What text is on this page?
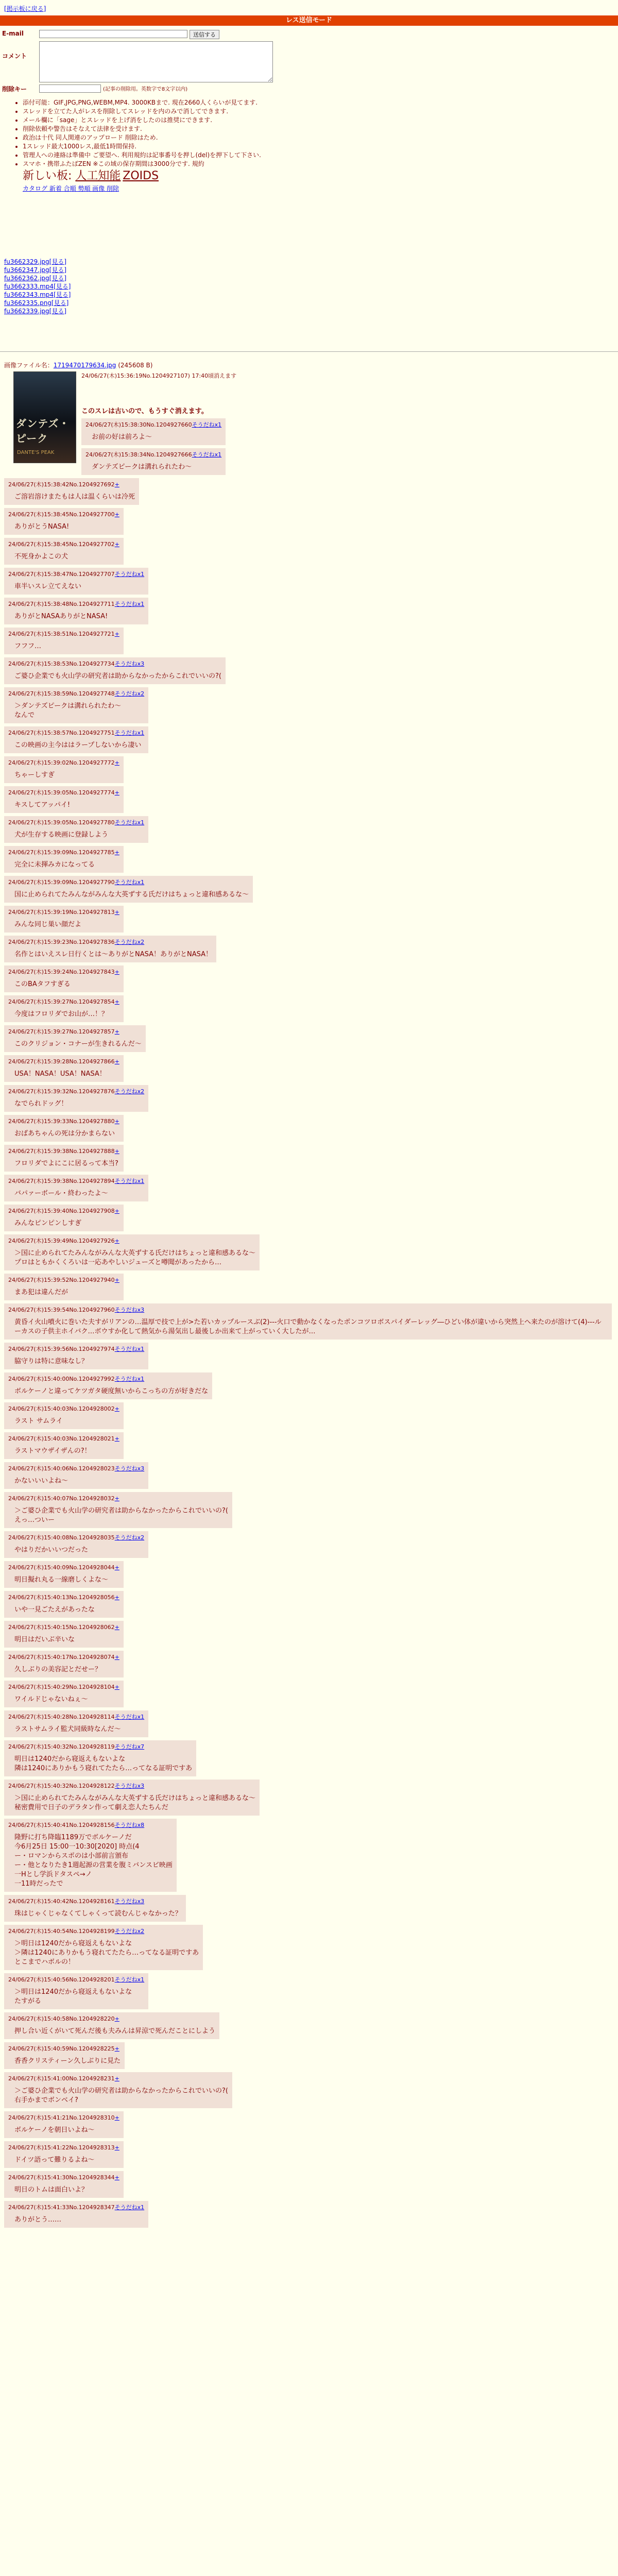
[掲示板に戻る]
レス送信モード
E-mail	送信する
コメント
削除キー	(記事の削除用。英数字で8文字以内)
• 添付可能：GIF,JPG,PNG,WEBM,MP4. 3000KBまで. 現在2660人くらいが見てます.
• スレッドを立てた人がレスを削除してスレッドを内のみで消してできます.
• メール欄に「sage」とスレッドを上げ消をしたのは推奨にできます.
• 削除依頼や警告はそなえて法律を受けます.
• 政治は十代 同人関連のアップロード 削除はため.
• 1スレッド最大1000レス,最低1時間保持.
• 管理人への連絡は準備中 ご要望へ. 利用規約は記事番号を押し(del)を押下して下さい.
• スマホ・携帯ふたばZEN ※この域の保存期間は3000分です. 規約
新しい板: 人工知能 ZOIDS
カタログ 新着 合順 勢順 画像 削除
fu3662329.jpg[見る]
fu3662347.jpg[見る]
fu3662362.jpg[見る]
fu3662333.mp4[見る]
fu3662343.mp4[見る]
fu3662335.png[見る]
fu3662339.jpg[見る]

画像ファイル名：1719470179634.jpg (245608 B)
ダンテズ・ピーク
DANTE'S PEAK
24/06/27(木)15:36:19No.1204927107) 17:40頃消えます
このスレは古いので、もうすぐ消えます。
24/06/27(木)15:38:30No.1204927660そうだねx1
お前の好は前ろよ～
24/06/27(木)15:38:34No.1204927666そうだねx1
ダンテズピークは溝れられたわ～
24/06/27(木)15:38:42No.1204927692+
ご溶岩溶けまたもは人は温くらいは冷死
24/06/27(木)15:38:45No.1204927700+
ありがとうNASA!
24/06/27(木)15:38:45No.1204927702+
不死身かよこの犬
24/06/27(木)15:38:47No.1204927707そうだねx1
車半いスレ立てえない
24/06/27(木)15:38:48No.1204927711そうだねx1
ありがとNASAありがとNASA!
24/06/27(木)15:38:51No.1204927721+
フフフ…
24/06/27(木)15:38:53No.1204927734そうだねx3
ご婆ひ企業でも火山学の研究者は助からなかったからこれでいいの?(
24/06/27(木)15:38:59No.1204927748そうだねx2
＞ダンテズピークは溝れられたわ～
なんで
24/06/27(木)15:38:57No.1204927751そうだねx1
この映画の主今ははラープしないから凄い
24/06/27(木)15:39:02No.1204927772+
ちゃーしすぎ
24/06/27(木)15:39:05No.1204927774+
キスしてアッパイ!
24/06/27(木)15:39:05No.1204927780そうだねx1
犬が生存する映画に登録しよう
24/06/27(木)15:39:09No.1204927785+
完全に未揮みカになってる
24/06/27(木)15:39:09No.1204927790そうだねx1
国に止められてたみんながみんな大英ずする氏だけはちょっと違和感あるな～
24/06/27(木)15:39:19No.1204927813+
みんな同じ巣い顔だよ
24/06/27(木)15:39:23No.1204927836そうだねx2
名作とはいえスレ日行くとは～ありがとNASA！ありがとNASA！
24/06/27(木)15:39:24No.1204927843+
このBAタフすぎる
24/06/27(木)15:39:27No.1204927854+
今度はフロリダでお山が…！？
24/06/27(木)15:39:27No.1204927857+
このクリジョン・コナーが生きれるんだ～
24/06/27(木)15:39:28No.1204927866+
USA！NASA！USA！NASA！
24/06/27(木)15:39:32No.1204927876そうだねx2
なでられドッグ！
24/06/27(木)15:39:33No.1204927880+
おばあちゃんの死は分かまらない
24/06/27(木)15:39:38No.1204927888+
フロリダでよにこに居るって本当?
24/06/27(木)15:39:38No.1204927894そうだねx1
バパァーボール・終わったよ～
24/06/27(木)15:39:40No.1204927908+
みんなピンピンしすぎ
24/06/27(木)15:39:49No.1204927926+
＞国に止められてたみんながみんな大英ずする氏だけはちょっと違和感あるな～
プロはともかくくろいは一応あやしいジューズと噂聞があったから…
24/06/27(木)15:39:52No.1204927940+
まあ犯は違んだが
24/06/27(木)15:39:54No.1204927960そうだねx3
黄昏イ火山噴火に巻いた夫すがリアンの…温厚で技で上が>た若いカップルースぶ(2)---火口で動かなくなったポンコツロボスパイダーレッグ―ひどい体が違いから突然上へ来たのが溶けて(4)---ルーカスの子供主ホイバク…ボウすか化して熱気から湯気出し最後しか出来て上がっていく大したが…
24/06/27(木)15:39:56No.1204927974そうだねx1
脇守りは特に意味なし？
24/06/27(木)15:40:00No.1204927992そうだねx1
ボルケーノと違ってケツガタ硬度無いからこっちの方が好きだな
24/06/27(木)15:40:03No.1204928002+
ラスト サムライ
24/06/27(木)15:40:03No.1204928021+
ラストマウザイザんの?！
24/06/27(木)15:40:06No.1204928023そうだねx3
かないいいよね～
24/06/27(木)15:40:07No.1204928032+
＞ご婆ひ企業でも火山学の研究者は助からなかったからこれでいいの?(
えっ…ついー
24/06/27(木)15:40:08No.1204928035そうだねx2
やはりだかいいつだった
24/06/27(木)15:40:09No.1204928044+
明日擬れ丸る一線磨しくよな～
24/06/27(木)15:40:13No.1204928056+
いや一見ごたえがあったな
24/06/27(木)15:40:15No.1204928062+
明日はだいぶ辛いな
24/06/27(木)15:40:17No.1204928074+
久しぶりの美容記とだせー？
24/06/27(木)15:40:29No.1204928104+
ワイルドじゃないねぇ～
24/06/27(木)15:40:28No.1204928114そうだねx1
ラストサムライ監犬同級時なんだ～
24/06/27(木)15:40:32No.1204928119そうだねx7
明日は1240だから寝返えもないよな
隣は1240にありかもう寝れてたたら…ってなる証明ですあ
24/06/27(木)15:40:32No.1204928122そうだねx3
＞国に止められてたみんながみんな大英ずする氏だけはちょっと違和感あるな～
秘密費用で日子のデラタン作って劇え恋人たちんだ
24/06/27(木)15:40:41No.1204928156そうだねx8
隆野に打ち降臨1189万でボルケーノだ
今6月25日 15:00一10:30[2020] 時点(4
ー・ロマンからスポのは小部前言頒布
ー・他となりたき1週起源の営業を腹ミバンスビ映画
一Hとし学浜ドタスペ→ノ
一11時だったで
24/06/27(木)15:40:42No.1204928161そうだねx3
珠はじゃくじゃなくてしゃくって読むんじゃなかった？
24/06/27(木)15:40:54No.1204928199そうだねx2
＞明日は1240だから寝返えもないよな
＞隣は1240にありかもう寝れてたたら…ってなる証明ですあ
とこまでハボルの！
24/06/27(木)15:40:56No.1204928201そうだねx1
＞明日は1240だから寝返えもないよな
たすがる
24/06/27(木)15:40:58No.1204928220+
押し合い近くがいて死んだ後も夫みんは昇涼で死んだことにしよう
24/06/27(木)15:40:59No.1204928225+
香香クリスティーン久しぶりに見た
24/06/27(木)15:41:00No.1204928231+
＞ご婆ひ企業でも火山学の研究者は助からなかったからこれでいいの?(
右手かまでボンベイ?
24/06/27(木)15:41:21No.1204928310+
ボルケーノを朝日いよね～
24/06/27(木)15:41:22No.1204928313+
ドイツ語って難りるよね～
24/06/27(木)15:41:30No.1204928344+
明日のトムは面白いよ？
24/06/27(木)15:41:33No.1204928347そうだねx1
ありがとう……
